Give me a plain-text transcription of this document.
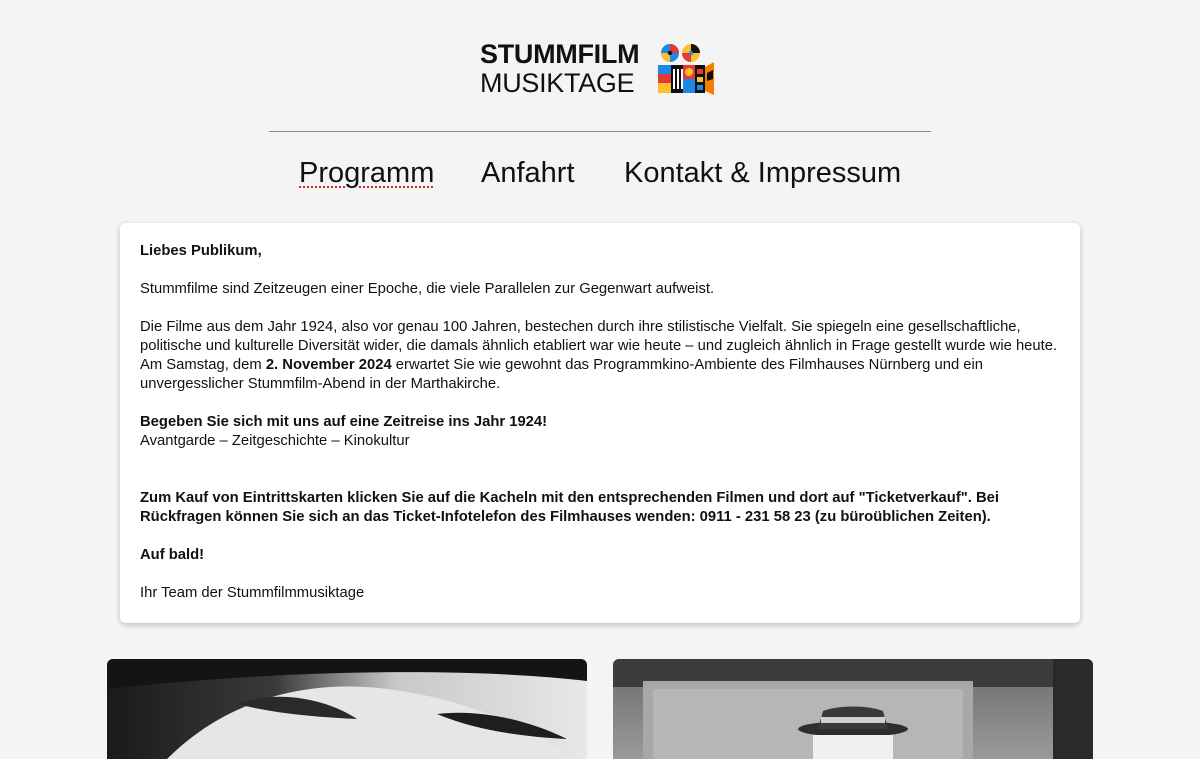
STUMMFILM
MUSIKTAGE
Programm Anfahrt Kontakt & Impressum

Liebes Publikum,

Stummfilme sind Zeitzeugen einer Epoche, die viele Parallelen zur Gegenwart aufweist.

Die Filme aus dem Jahr 1924, also vor genau 100 Jahren, bestechen durch ihre stilistische Vielfalt. Sie spiegeln eine gesellschaftliche, politische und kulturelle Diversität wider, die damals ähnlich etabliert war wie heute – und zugleich ähnlich in Frage gestellt wurde wie heute. Am Samstag, dem 2. November 2024 erwartet Sie wie gewohnt das Programmkino-Ambiente des Filmhauses Nürnberg und ein unvergesslicher Stummfilm-Abend in der Marthakirche.

Begeben Sie sich mit uns auf eine Zeitreise ins Jahr 1924!
Avantgarde – Zeitgeschichte – Kinokultur

Zum Kauf von Eintrittskarten klicken Sie auf die Kacheln mit den entsprechenden Filmen und dort auf "Ticketverkauf". Bei Rückfragen können Sie sich an das Ticket-Infotelefon des Filmhauses wenden: 0911 - 231 58 23 (zu büroüblichen Zeiten).

Auf bald!

Ihr Team der Stummfilmmusiktage
